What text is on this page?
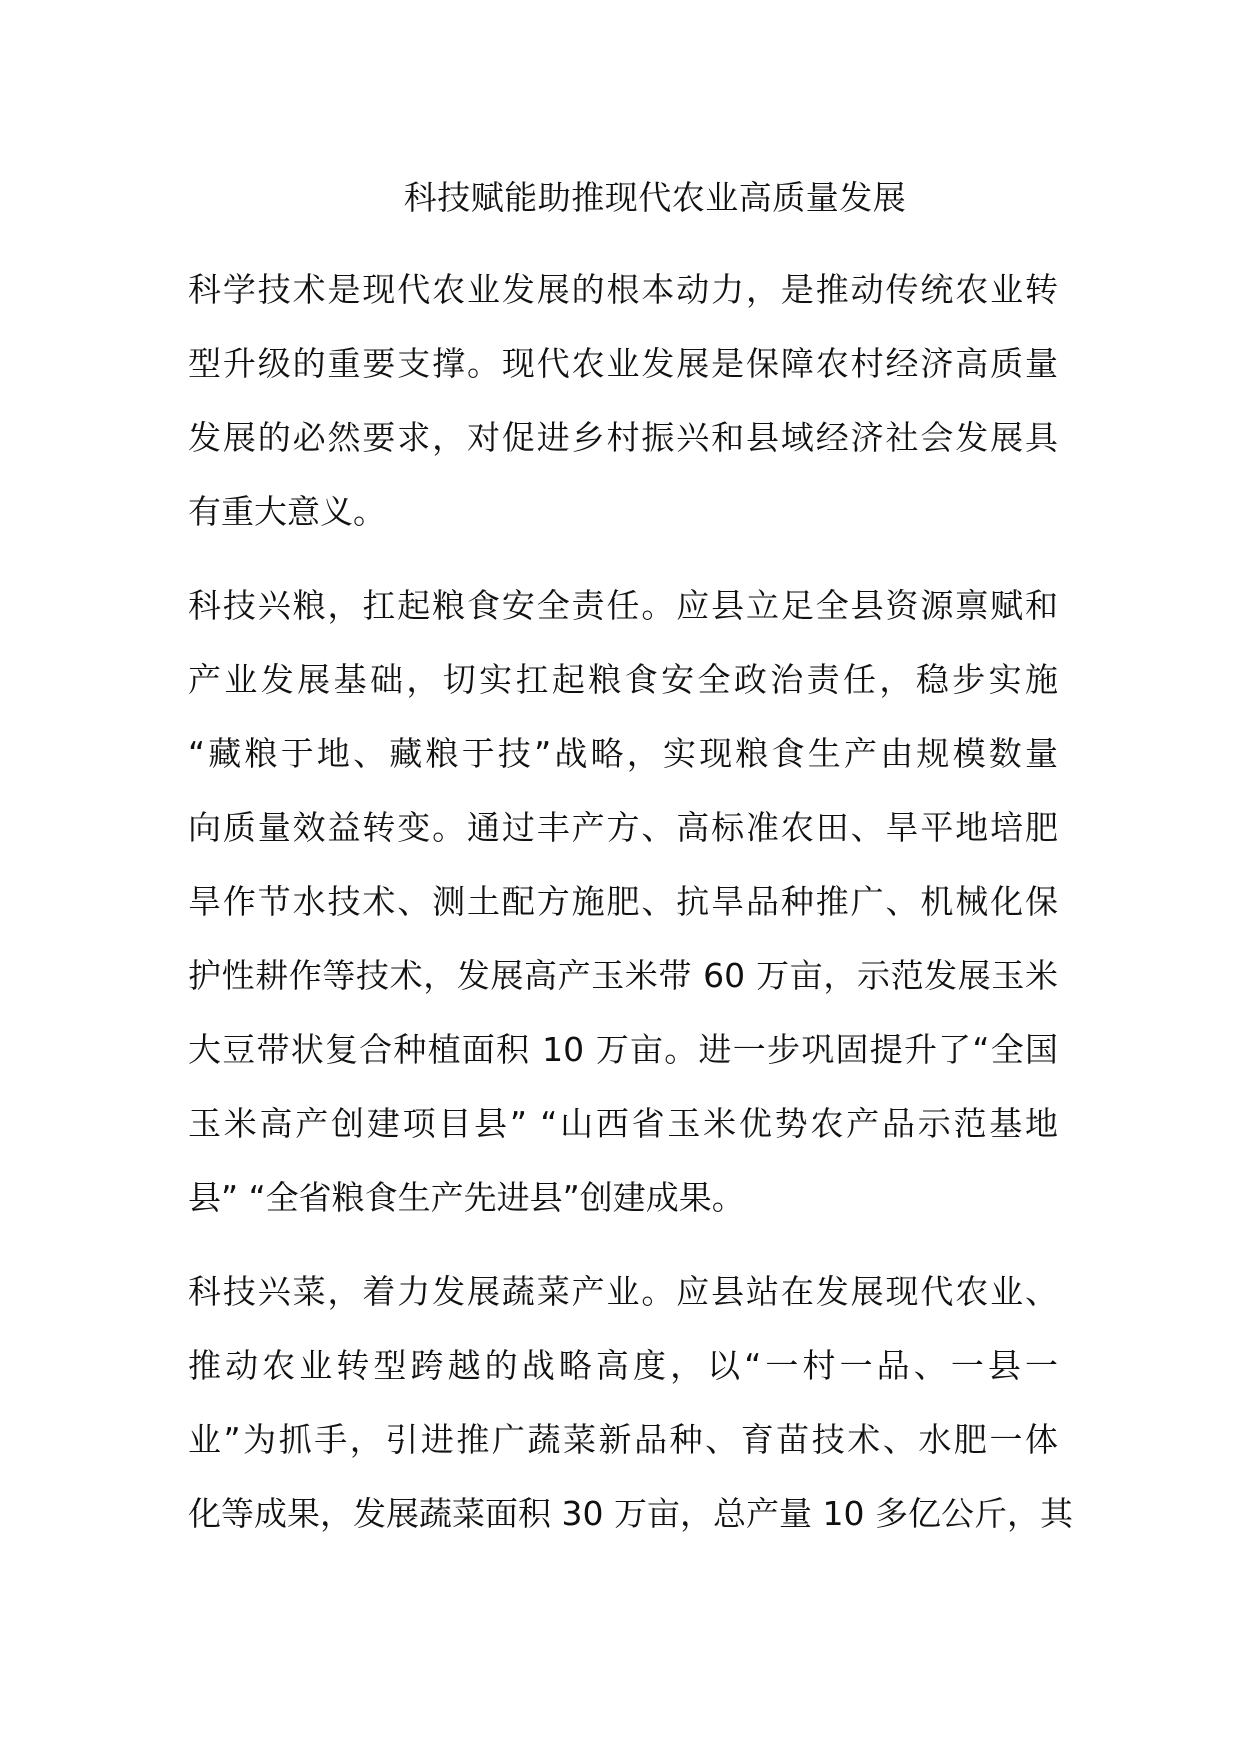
科技赋能助推现代农业高质量发展
科学技术是现代农业发展的根本动力，是推动传统农业转
型升级的重要支撑。现代农业发展是保障农村经济高质量
发展的必然要求，对促进乡村振兴和县域经济社会发展具
有重大意义。
科技兴粮，扛起粮食安全责任。应县立足全县资源禀赋和
产业发展基础，切实扛起粮食安全政治责任，稳步实施
“藏粮于地、藏粮于技”战略，实现粮食生产由规模数量
向质量效益转变。通过丰产方、高标准农田、旱平地培肥
旱作节水技术、测土配方施肥、抗旱品种推广、机械化保
护性耕作等技术，发展高产玉米带 60 万亩，示范发展玉米
大豆带状复合种植面积 10 万亩。进一步巩固提升了“全国
玉米高产创建项目县” “山西省玉米优势农产品示范基地
县” “全省粮食生产先进县”创建成果。
科技兴菜，着力发展蔬菜产业。应县站在发展现代农业、
推动农业转型跨越的战略高度，以“一村一品、一县一
业”为抓手，引进推广蔬菜新品种、育苗技术、水肥一体
化等成果，发展蔬菜面积 30 万亩，总产量 10 多亿公斤，其
